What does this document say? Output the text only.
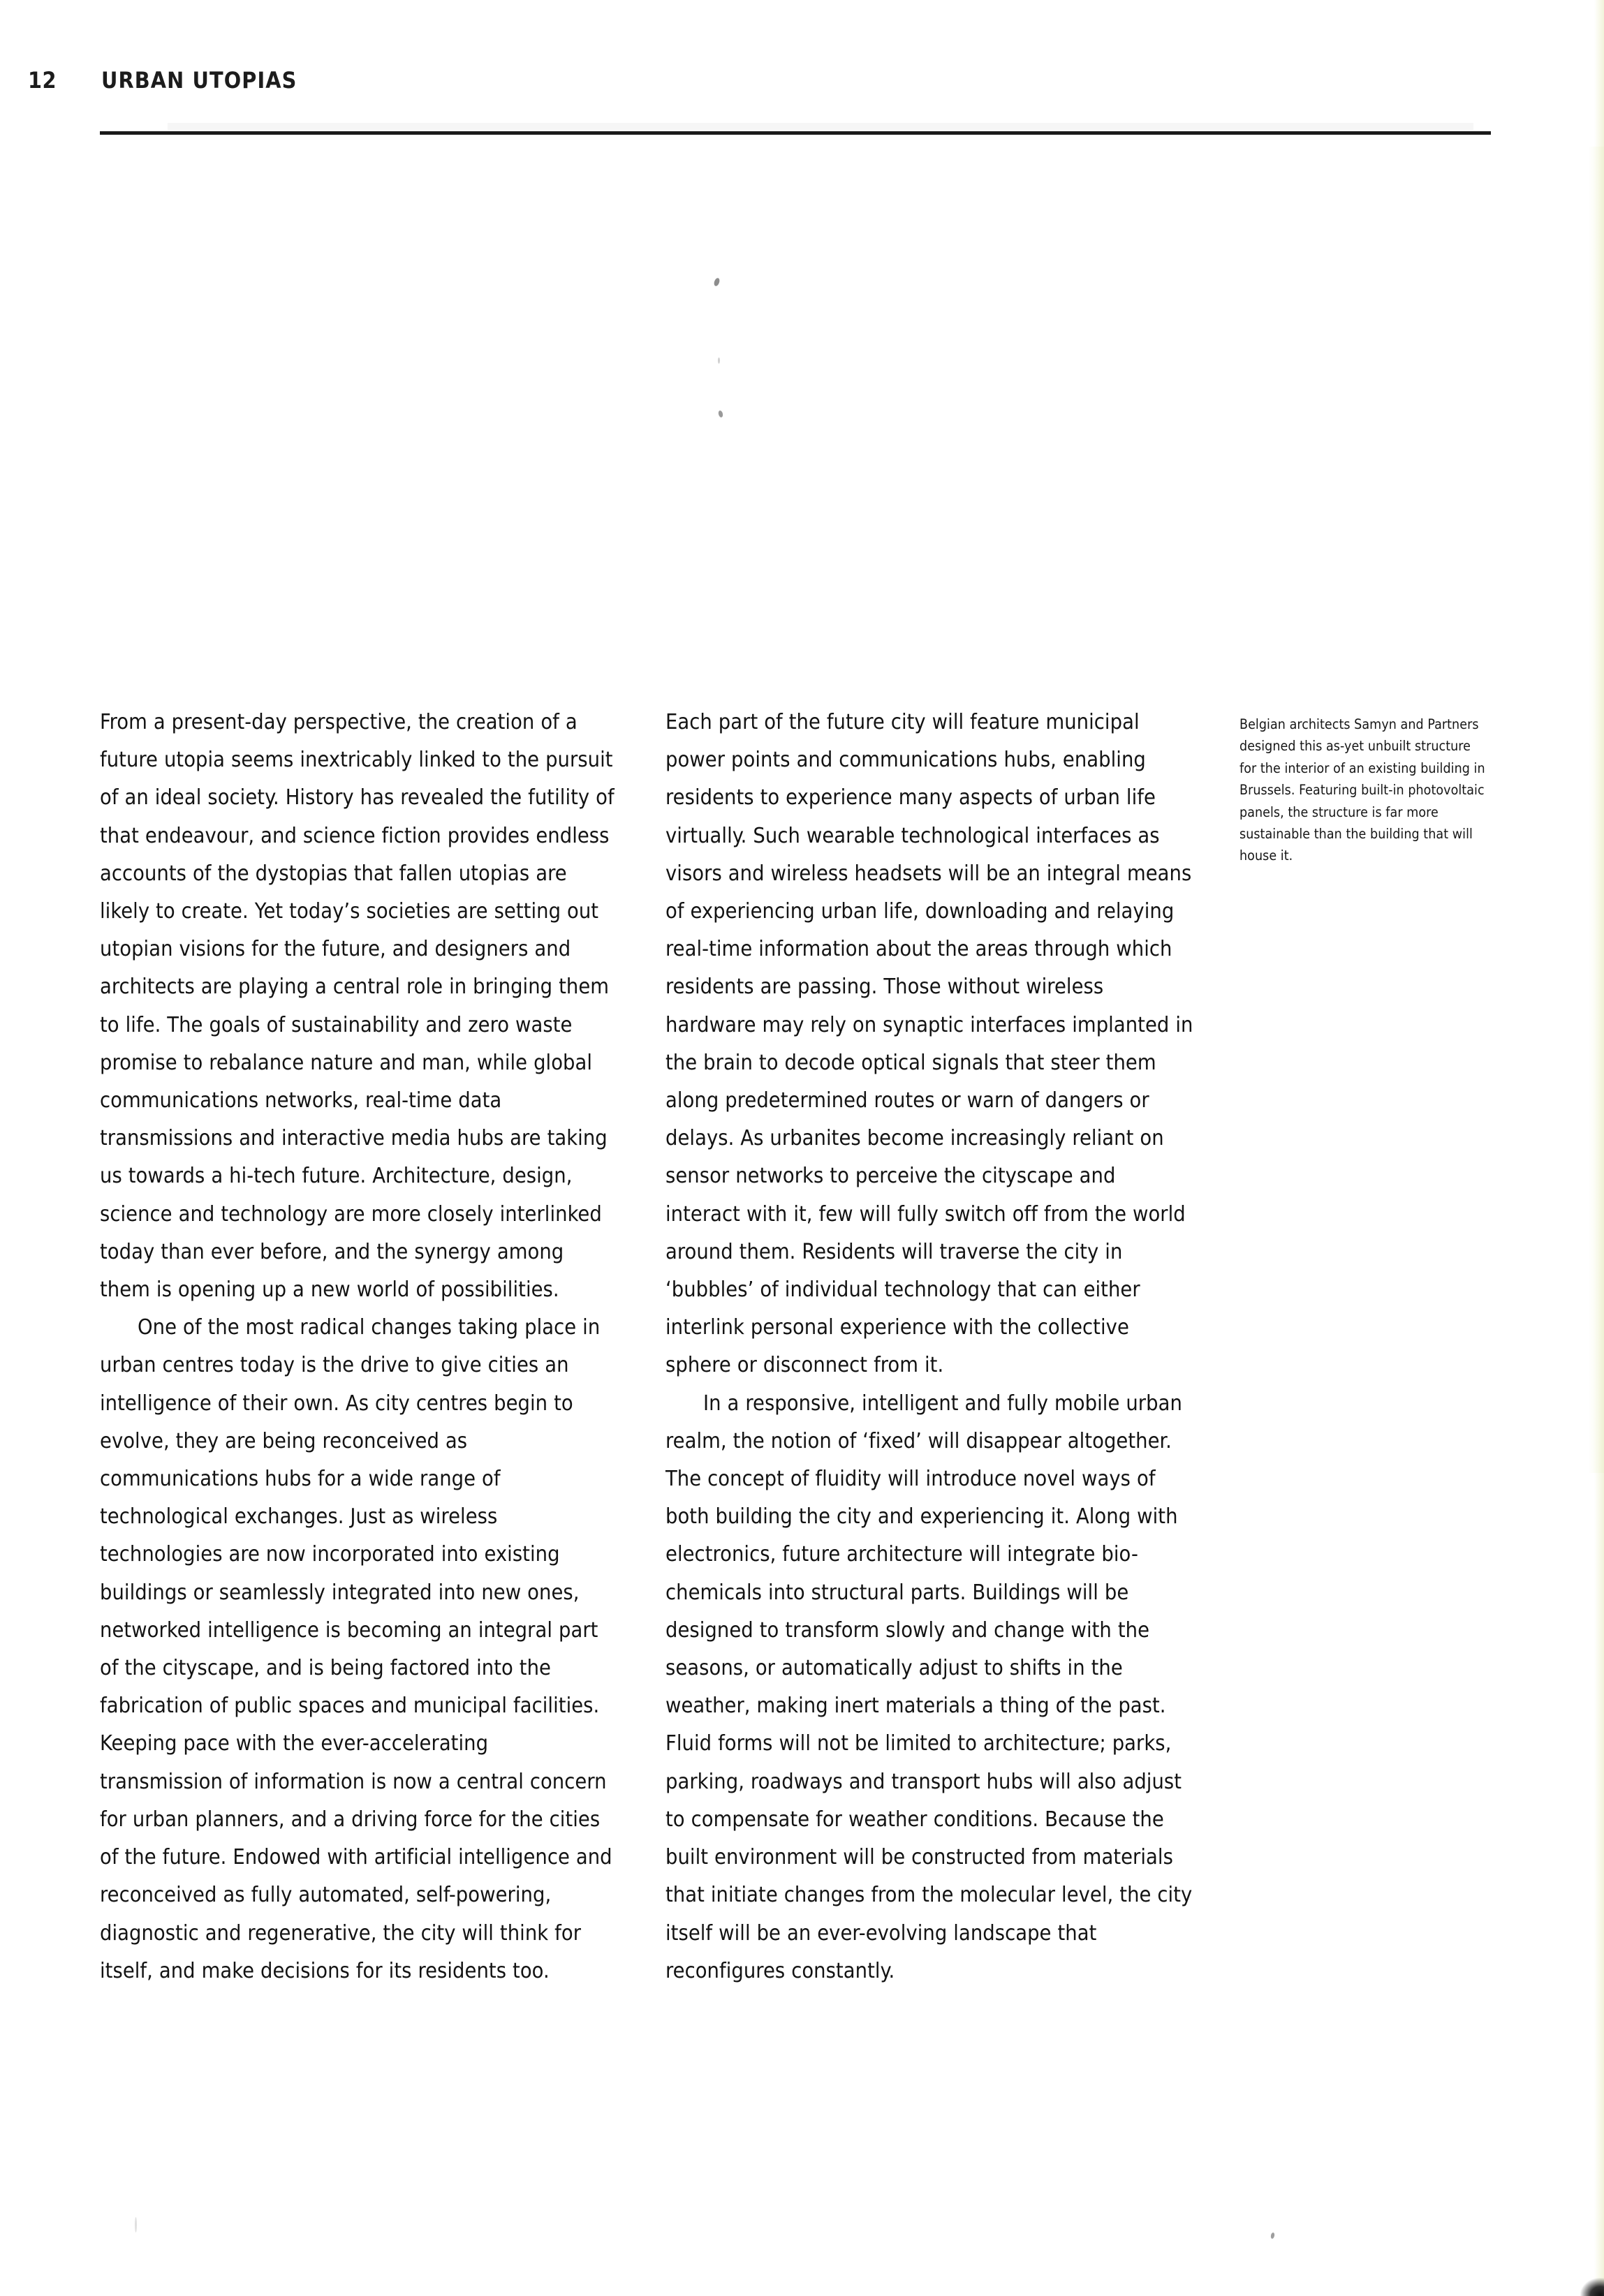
12	URBAN UTOPIAS

From a present-day perspective, the creation of a future utopia seems inextricably linked to the pursuit of an ideal society. History has revealed the futility of that endeavour, and science fiction provides endless accounts of the dystopias that fallen utopias are likely to create. Yet today’s societies are setting out utopian visions for the future, and designers and architects are playing a central role in bringing them to life. The goals of sustainability and zero waste promise to rebalance nature and man, while global communications networks, real-time data transmissions and interactive media hubs are taking us towards a hi-tech future. Architecture, design, science and technology are more closely interlinked today than ever before, and the synergy among them is opening up a new world of possibilities.

One of the most radical changes taking place in urban centres today is the drive to give cities an intelligence of their own. As city centres begin to evolve, they are being reconceived as communications hubs for a wide range of technological exchanges. Just as wireless technologies are now incorporated into existing buildings or seamlessly integrated into new ones, networked intelligence is becoming an integral part of the cityscape, and is being factored into the fabrication of public spaces and municipal facilities. Keeping pace with the ever-accelerating transmission of information is now a central concern for urban planners, and a driving force for the cities of the future. Endowed with artificial intelligence and reconceived as fully automated, self-powering, diagnostic and regenerative, the city will think for itself, and make decisions for its residents too.

Each part of the future city will feature municipal power points and communications hubs, enabling residents to experience many aspects of urban life virtually. Such wearable technological interfaces as visors and wireless headsets will be an integral means of experiencing urban life, downloading and relaying real-time information about the areas through which residents are passing. Those without wireless hardware may rely on synaptic interfaces implanted in the brain to decode optical signals that steer them along predetermined routes or warn of dangers or delays. As urbanites become increasingly reliant on sensor networks to perceive the cityscape and interact with it, few will fully switch off from the world around them. Residents will traverse the city in ‘bubbles’ of individual technology that can either interlink personal experience with the collective sphere or disconnect from it.

In a responsive, intelligent and fully mobile urban realm, the notion of ‘fixed’ will disappear altogether. The concept of fluidity will introduce novel ways of both building the city and experiencing it. Along with electronics, future architecture will integrate bio-chemicals into structural parts. Buildings will be designed to transform slowly and change with the seasons, or automatically adjust to shifts in the weather, making inert materials a thing of the past. Fluid forms will not be limited to architecture; parks, parking, roadways and transport hubs will also adjust to compensate for weather conditions. Because the built environment will be constructed from materials that initiate changes from the molecular level, the city itself will be an ever-evolving landscape that reconfigures constantly.

Belgian architects Samyn and Partners designed this as-yet unbuilt structure for the interior of an existing building in Brussels. Featuring built-in photovoltaic panels, the structure is far more sustainable than the building that will house it.
